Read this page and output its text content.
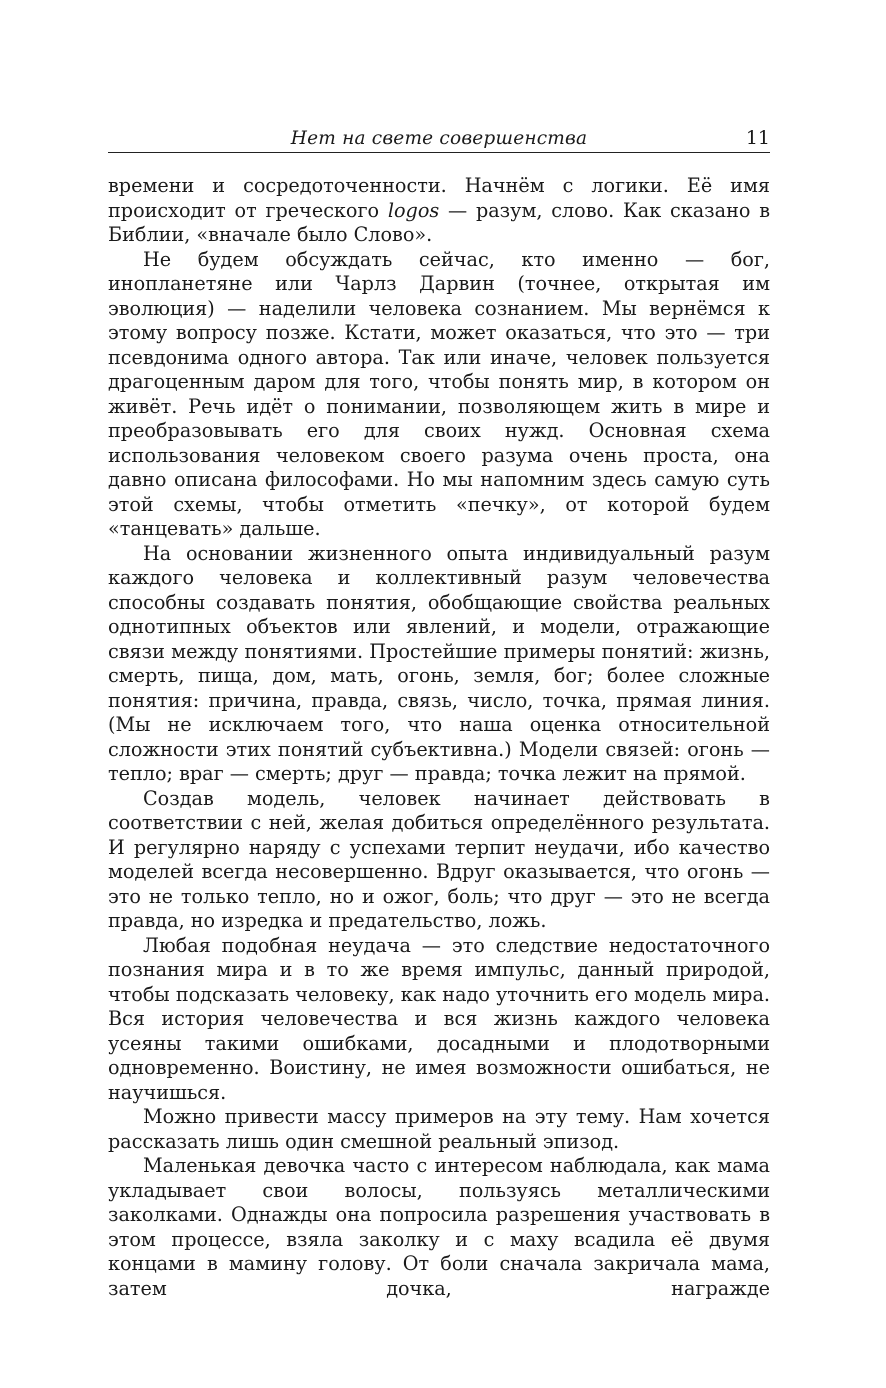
Нет на свете совершенства	11

времени и сосредоточенности. Начнём с логики. Её имя происходит от греческого logos — разум, слово. Как сказано в Библии, «вначале было Слово».

Не будем обсуждать сейчас, кто именно — бог, инопланетяне или Чарлз Дарвин (точнее, открытая им эволюция) — наделили человека сознанием. Мы вернёмся к этому вопросу позже. Кстати, может оказаться, что это — три псевдонима одного автора. Так или иначе, человек пользуется драгоценным даром для того, чтобы понять мир, в котором он живёт. Речь идёт о понимании, позволяющем жить в мире и преобразовывать его для своих нужд. Основная схема использования человеком своего разума очень проста, она давно описана философами. Но мы напомним здесь самую суть этой схемы, чтобы отметить «печку», от которой будем «танцевать» дальше.

На основании жизненного опыта индивидуальный разум каждого человека и коллективный разум человечества способны создавать понятия, обобщающие свойства реальных однотипных объектов или явлений, и модели, отражающие связи между понятиями. Простейшие примеры понятий: жизнь, смерть, пища, дом, мать, огонь, земля, бог; более сложные понятия: причина, правда, связь, число, точка, прямая линия. (Мы не исключаем того, что наша оценка относительной сложности этих понятий субъективна.) Модели связей: огонь — тепло; враг — смерть; друг — правда; точка лежит на прямой.

Создав модель, человек начинает действовать в соответствии с ней, желая добиться определённого результата. И регулярно наряду с успехами терпит неудачи, ибо качество моделей всегда несовершенно. Вдруг оказывается, что огонь — это не только тепло, но и ожог, боль; что друг — это не всегда правда, но изредка и предательство, ложь.

Любая подобная неудача — это следствие недостаточного познания мира и в то же время импульс, данный природой, чтобы подсказать человеку, как надо уточнить его модель мира. Вся история человечества и вся жизнь каждого человека усеяны такими ошибками, досадными и плодотворными одновременно. Воистину, не имея возможности ошибаться, не научишься.

Можно привести массу примеров на эту тему. Нам хочется рассказать лишь один смешной реальный эпизод.

Маленькая девочка часто с интересом наблюдала, как мама укладывает свои волосы, пользуясь металлическими заколками. Однажды она попросила разрешения участвовать в этом процессе, взяла заколку и с маху всадила её двумя концами в мамину голову. От боли сначала закричала мама, затем дочка, награжде
